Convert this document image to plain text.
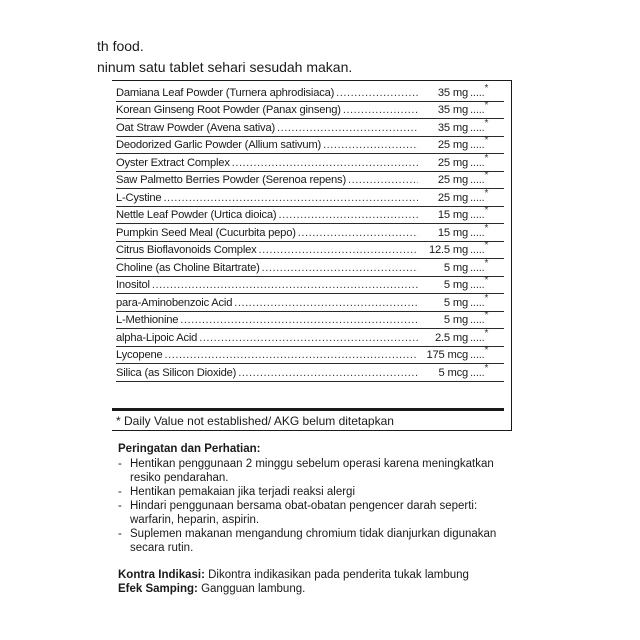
th food.
ninum satu tablet sehari sesudah makan.
Damiana Leaf Powder (Turnera aphrodisiaca) .....	35 mg .....*
Korean Ginseng Root Powder (Panax ginseng) .....	35 mg .....*
Oat Straw Powder (Avena sativa) .....	35 mg .....*
Deodorized Garlic Powder (Allium sativum) .....	25 mg .....*
Oyster Extract Complex .....	25 mg .....*
Saw Palmetto Berries Powder (Serenoa repens) .....	25 mg .....*
L-Cystine .....	25 mg .....*
Nettle Leaf Powder (Urtica dioica) .....	15 mg .....*
Pumpkin Seed Meal (Cucurbita pepo) .....	15 mg .....*
Citrus Bioflavonoids Complex .....	12.5 mg .....*
Choline (as Choline Bitartrate) .....	5 mg .....*
Inositol .....	5 mg .....*
para-Aminobenzoic Acid .....	5 mg .....*
L-Methionine .....	5 mg .....*
alpha-Lipoic Acid .....	2.5 mg .....*
Lycopene .....	175 mcg .....*
Silica (as Silicon Dioxide) .....	5 mcg .....*
* Daily Value not established/ AKG belum ditetapkan
Peringatan dan Perhatian:
- Hentikan penggunaan 2 minggu sebelum operasi karena meningkatkan
resiko pendarahan.
- Hentikan pemakaian jika terjadi reaksi alergi
- Hindari penggunaan bersama obat-obatan pengencer darah seperti:
warfarin, heparin, aspirin.
- Suplemen makanan mengandung chromium tidak dianjurkan digunakan
secara rutin.
Kontra Indikasi: Dikontra indikasikan pada penderita tukak lambung
Efek Samping: Gangguan lambung.
